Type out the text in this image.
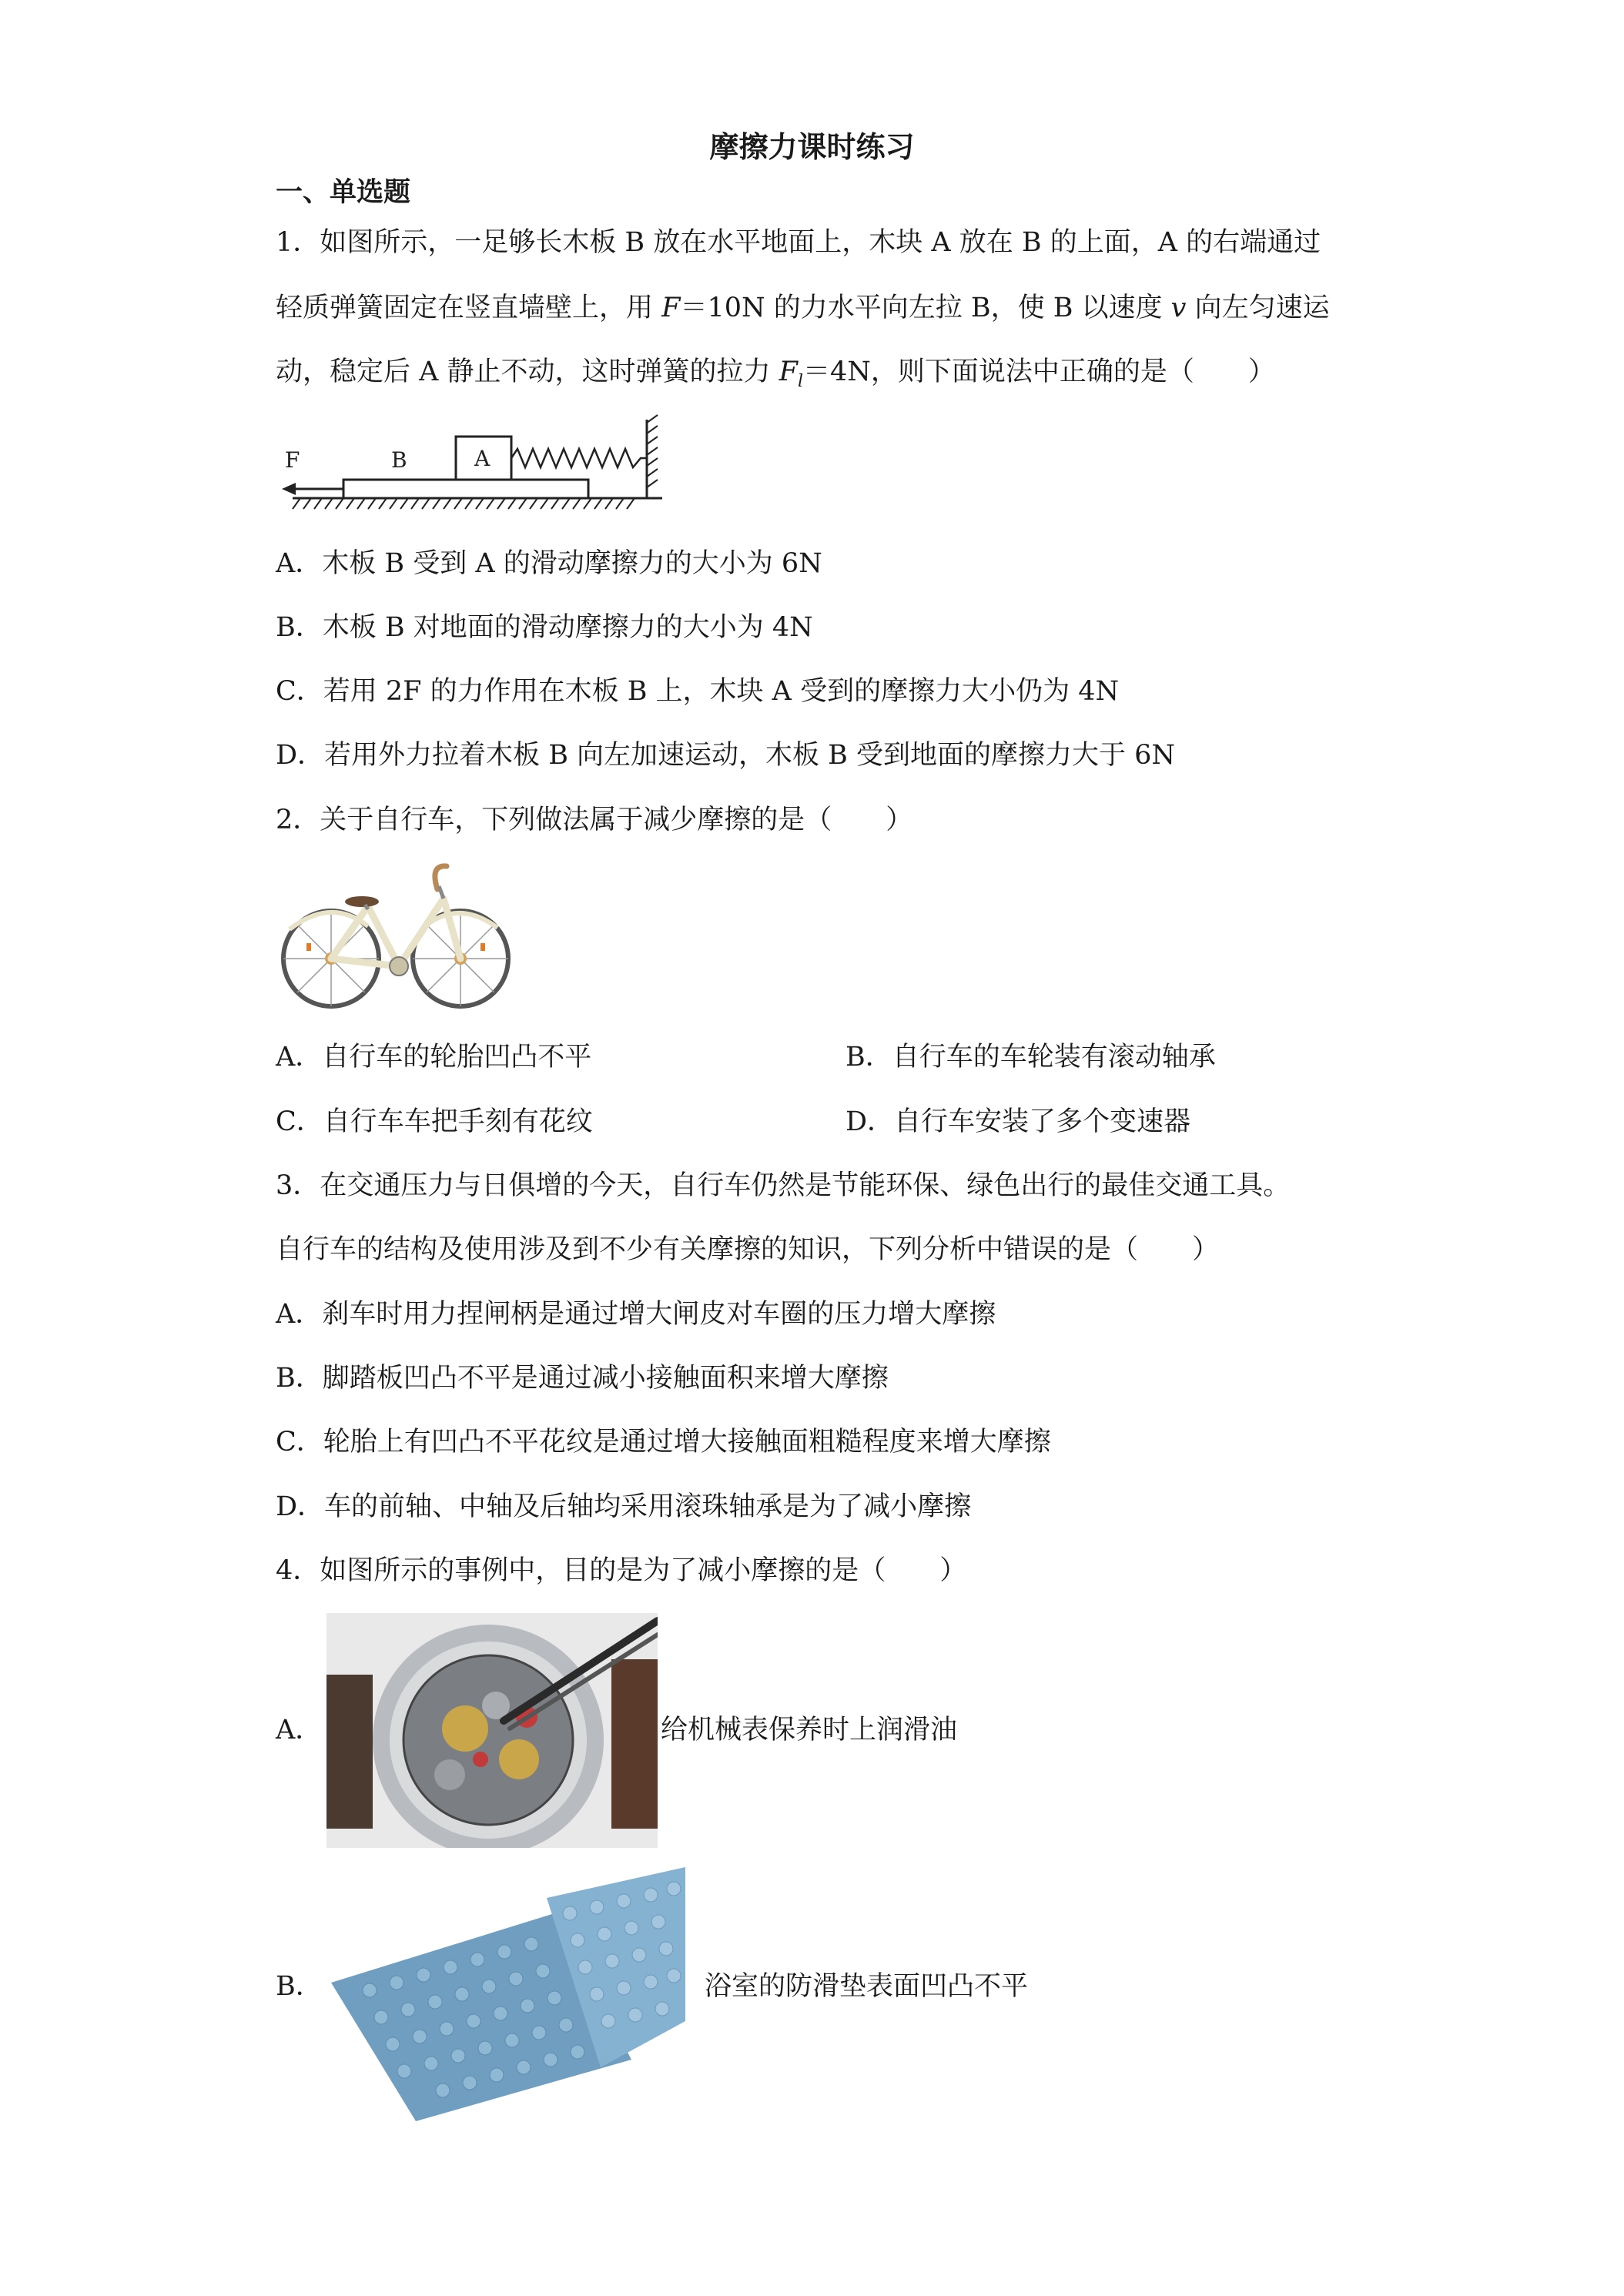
摩擦力课时练习
一、单选题
1．如图所示，一足够长木板 B 放在水平地面上，木块 A 放在 B 的上面，A 的右端通过
轻质弹簧固定在竖直墙壁上，用 F＝10N 的力水平向左拉 B，使 B 以速度 v 向左匀速运
动，稳定后 A 静止不动，这时弹簧的拉力 $F_l=4N$，则下面说法中正确的是（　　）
F	B	A
A．木板 B 受到 A 的滑动摩擦力的大小为 6N
B．木板 B 对地面的滑动摩擦力的大小为 4N
C．若用 2F 的力作用在木板 B 上，木块 A 受到的摩擦力大小仍为 4N
D．若用外力拉着木板 B 向左加速运动，木板 B 受到地面的摩擦力大于 6N
2．关于自行车，下列做法属于减少摩擦的是（　　）
A．自行车的轮胎凹凸不平	B．自行车的车轮装有滚动轴承
C．自行车车把手刻有花纹	D．自行车安装了多个变速器
3．在交通压力与日俱增的今天，自行车仍然是节能环保、绿色出行的最佳交通工具。
自行车的结构及使用涉及到不少有关摩擦的知识，下列分析中错误的是（　　）
A．刹车时用力捏闸柄是通过增大闸皮对车圈的压力增大摩擦
B．脚踏板凹凸不平是通过减小接触面积来增大摩擦
C．轮胎上有凹凸不平花纹是通过增大接触面粗糙程度来增大摩擦
D．车的前轴、中轴及后轴均采用滚珠轴承是为了减小摩擦
4．如图所示的事例中，目的是为了减小摩擦的是（　　）
A．	给机械表保养时上润滑油
B．	浴室的防滑垫表面凹凸不平
